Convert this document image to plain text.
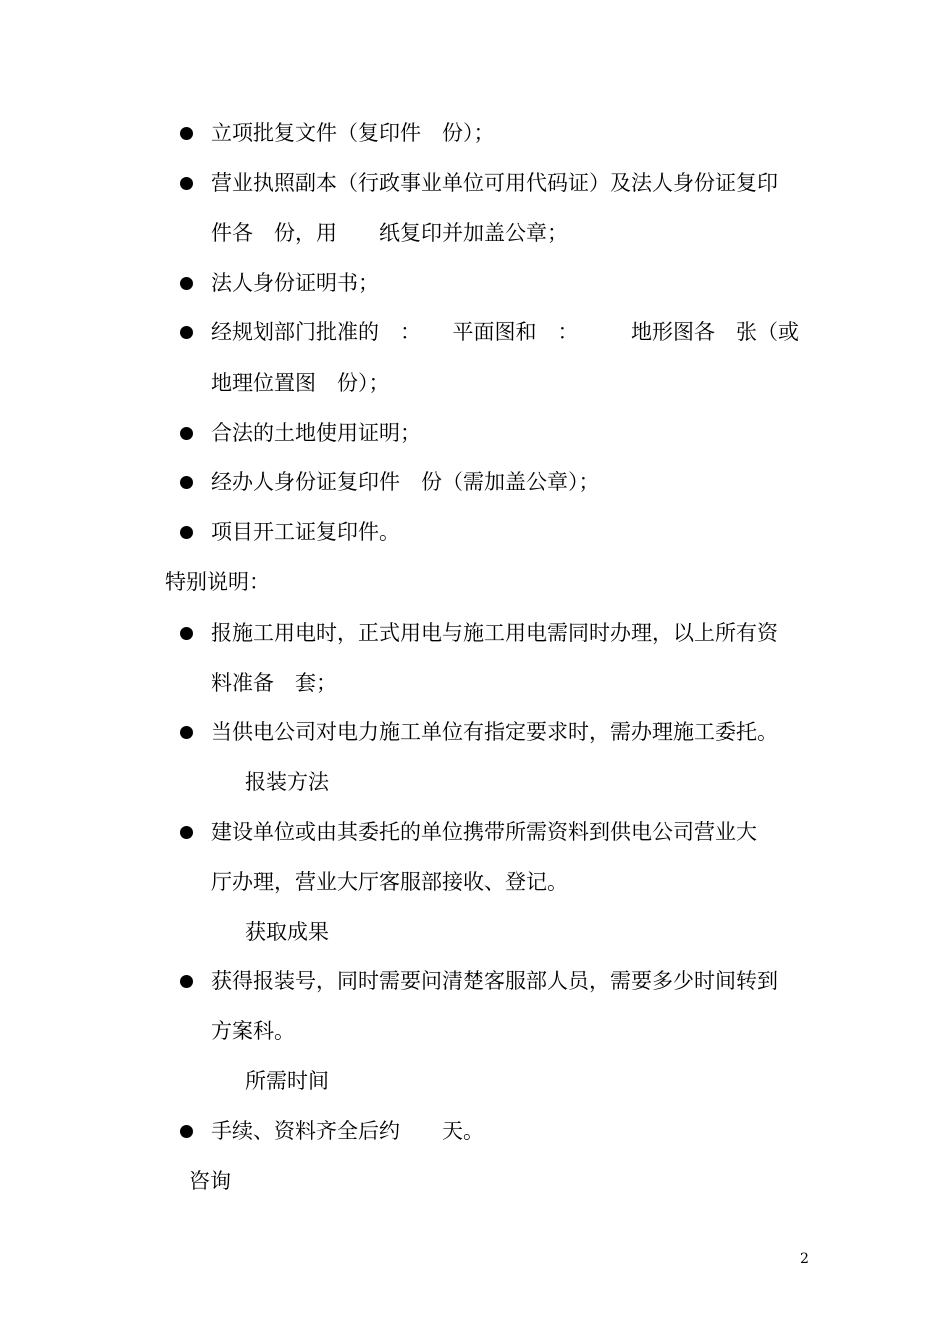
立项批复文件（复印件　份）；
营业执照副本（行政事业单位可用代码证）及法人身份证复印
件各　份，用　　纸复印并加盖公章；
法人身份证明书；
经规划部门批准的　：　　平面图和　：　　　地形图各　张（或
地理位置图　份）；
合法的土地使用证明；
经办人身份证复印件　份（需加盖公章）；
项目开工证复印件。
特别说明：
报施工用电时，正式用电与施工用电需同时办理，以上所有资
料准备　套；
当供电公司对电力施工单位有指定要求时，需办理施工委托。
报装方法
建设单位或由其委托的单位携带所需资料到供电公司营业大
厅办理，营业大厅客服部接收、登记。
获取成果
获得报装号，同时需要问清楚客服部人员，需要多少时间转到
方案科。
所需时间
手续、资料齐全后约　　天。
咨询
2
